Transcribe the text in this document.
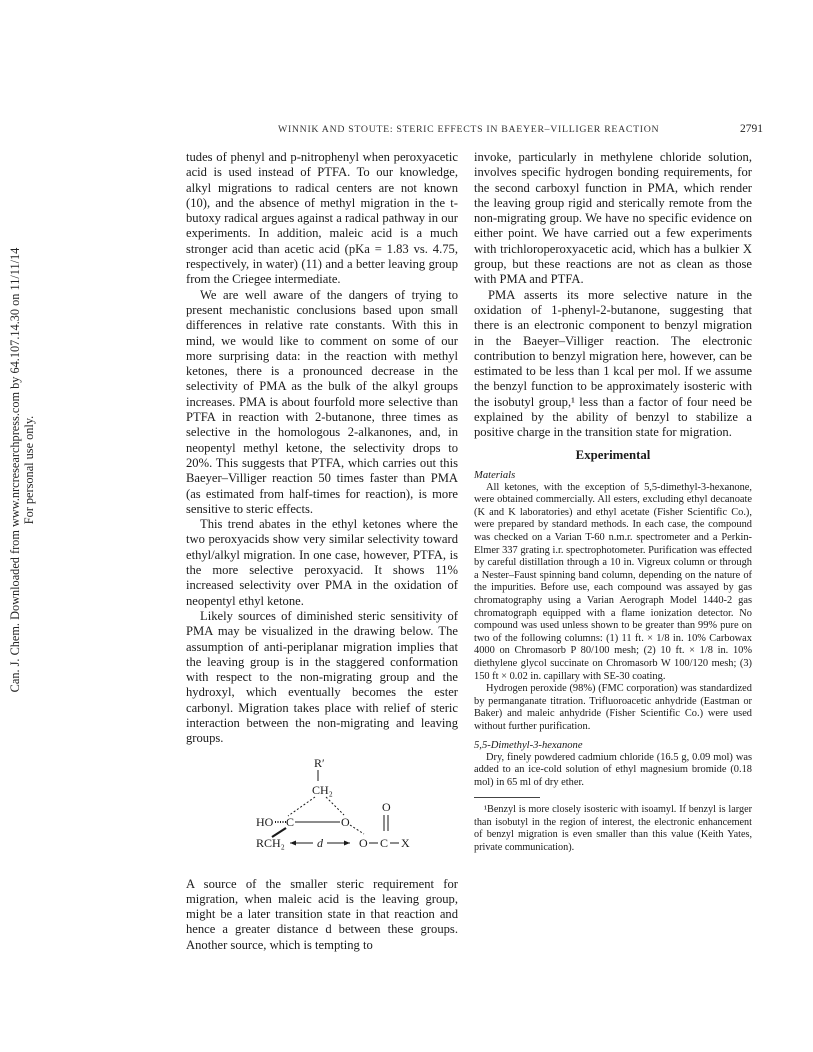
Can. J. Chem. Downloaded from www.nrcresearchpress.com by 64.107.14.30 on 11/11/14 For personal use only.
WINNIK AND STOUTE: STERIC EFFECTS IN BAEYER–VILLIGER REACTION	2791

tudes of phenyl and p-nitrophenyl when peroxyacetic acid is used instead of PTFA. To our knowledge, alkyl migrations to radical centers are not known (10), and the absence of methyl migration in the t-butoxy radical argues against a radical pathway in our experiments. In addition, maleic acid is a much stronger acid than acetic acid (pKa = 1.83 vs. 4.75, respectively, in water) (11) and a better leaving group from the Criegee intermediate.

We are well aware of the dangers of trying to present mechanistic conclusions based upon small differences in relative rate constants. With this in mind, we would like to comment on some of our more surprising data: in the reaction with methyl ketones, there is a pronounced decrease in the selectivity of PMA as the bulk of the alkyl groups increases. PMA is about fourfold more selective than PTFA in reaction with 2-butanone, three times as selective in the homologous 2-alkanones, and, in neopentyl methyl ketone, the selectivity drops to 20%. This suggests that PTFA, which carries out this Baeyer–Villiger reaction 50 times faster than PMA (as estimated from half-times for reaction), is more sensitive to steric effects.

This trend abates in the ethyl ketones where the two peroxyacids show very similar selectivity toward ethyl/alkyl migration. In one case, however, PTFA, is the more selective peroxyacid. It shows 11% increased selectivity over PMA in the oxidation of neopentyl ethyl ketone.

Likely sources of diminished steric sensitivity of PMA may be visualized in the drawing below. The assumption of anti-periplanar migration implies that the leaving group is in the staggered conformation with respect to the non-migrating group and the hydroxyl, which eventually becomes the ester carbonyl. Migration takes place with relief of steric interaction between the non-migrating and leaving groups.

R′
CH₂
HO C	O
O
RCH₂	d	O C X

A source of the smaller steric requirement for migration, when maleic acid is the leaving group, might be a later transition state in that reaction and hence a greater distance d between these groups. Another source, which is tempting to

invoke, particularly in methylene chloride solution, involves specific hydrogen bonding requirements, for the second carboxyl function in PMA, which render the leaving group rigid and sterically remote from the non-migrating group. We have no specific evidence on either point. We have carried out a few experiments with trichloroperoxyacetic acid, which has a bulkier X group, but these reactions are not as clean as those with PMA and PTFA.

PMA asserts its more selective nature in the oxidation of 1-phenyl-2-butanone, suggesting that there is an electronic component to benzyl migration in the Baeyer–Villiger reaction. The electronic contribution to benzyl migration here, however, can be estimated to be less than 1 kcal per mol. If we assume the benzyl function to be approximately isosteric with the isobutyl group,¹ less than a factor of four need be explained by the ability of benzyl to stabilize a positive charge in the transition state for migration.

Experimental
Materials

All ketones, with the exception of 5,5-dimethyl-3-hexanone, were obtained commercially. All esters, excluding ethyl decanoate (K and K laboratories) and ethyl acetate (Fisher Scientific Co.), were prepared by standard methods. In each case, the compound was checked on a Varian T-60 n.m.r. spectrometer and a Perkin-Elmer 337 grating i.r. spectrophotometer. Purification was effected by careful distillation through a 10 in. Vigreux column or through a Nester–Faust spinning band column, depending on the nature of the impurities. Before use, each compound was assayed by gas chromatography using a Varian Aerograph Model 1440-2 gas chromatograph equipped with a flame ionization detector. No compound was used unless shown to be greater than 99% pure on two of the following columns: (1) 11 ft. × 1/8 in. 10% Carbowax 4000 on Chromasorb P 80/100 mesh; (2) 10 ft. × 1/8 in. 10% diethylene glycol succinate on Chromasorb W 100/120 mesh; (3) 150 ft × 0.02 in. capillary with SE-30 coating.

Hydrogen peroxide (98%) (FMC corporation) was standardized by permanganate titration. Trifluoroacetic anhydride (Eastman or Baker) and maleic anhydride (Fisher Scientific Co.) were used without further purification.

5,5-Dimethyl-3-hexanone

Dry, finely powdered cadmium chloride (16.5 g, 0.09 mol) was added to an ice-cold solution of ethyl magnesium bromide (0.18 mol) in 65 ml of dry ether.

¹Benzyl is more closely isosteric with isoamyl. If benzyl is larger than isobutyl in the region of interest, the electronic enhancement of benzyl migration is even smaller than this value (Keith Yates, private communication).
